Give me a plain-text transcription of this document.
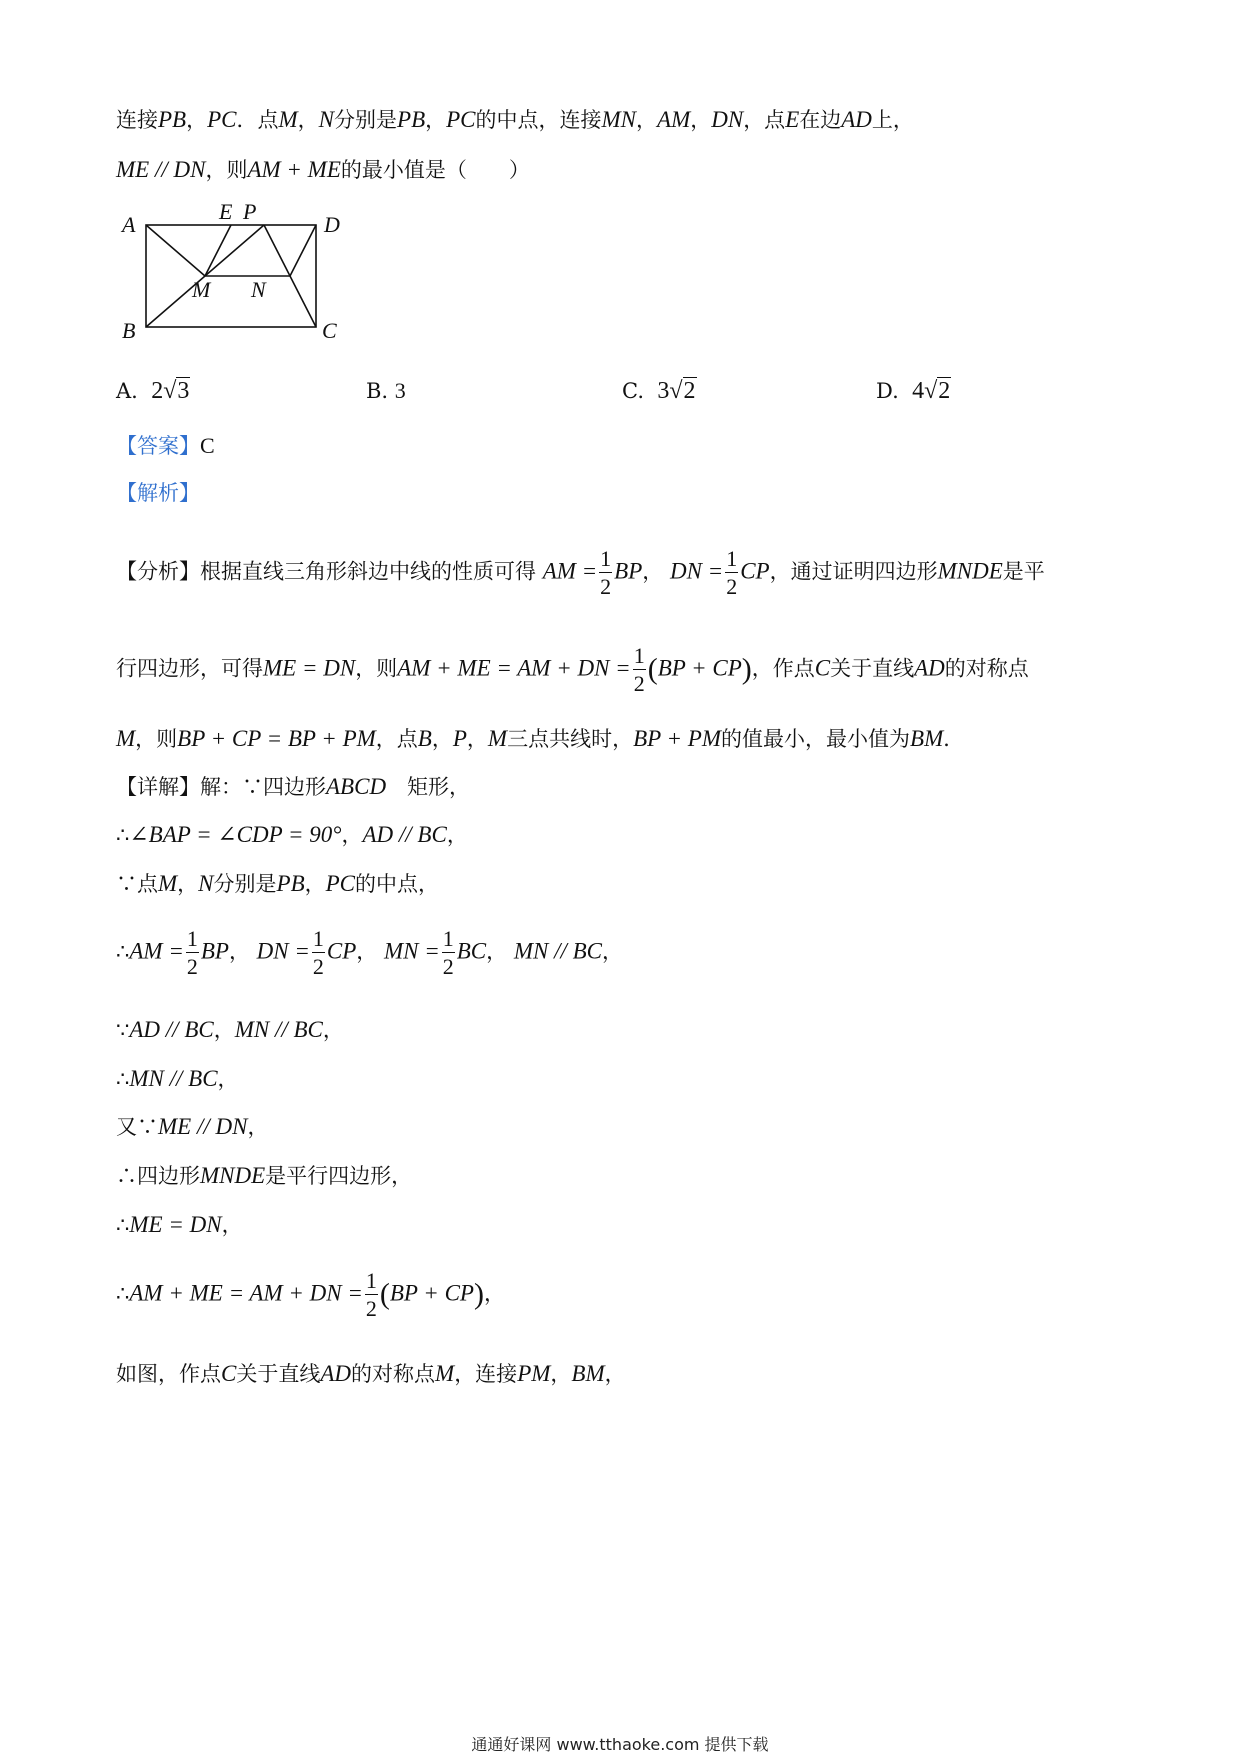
连接PB，PC．点M，N分别是PB，PC的中点，连接MN，AM，DN，点E在边AD上，
ME // DN，则AM + ME的最小值是（　　）
A
E P
D
M N
B	C
A. 2√3	B. 3	C. 3√2	D. 4√2
【答案】C
【解析】
【分析】根据直线三角形斜边中线的性质可得 AM = $\frac{1}{2}$ BP， DN = $\frac{1}{2}$ CP，通过证明四边形MNDE是平
行四边形，可得ME = DN，则AM + ME = AM + DN = $\frac{1}{2} (BP + CP)$，作点C关于直线AD的对称点
M，则BP + CP = BP + PM，点B，P，M三点共线时，BP + PM的值最小，最小值为BM．
【详解】解：∵四边形ABCD　矩形，
∴∠BAP = ∠CDP = 90°，AD // BC，
∵点M，N分别是PB，PC的中点，
∴AM = $\frac{1}{2}$ BP， DN = $\frac{1}{2}$ CP， MN = $\frac{1}{2}$ BC， MN // BC，
∵AD // BC，MN // BC，
∴MN // BC，
又∵ME // DN，
∴四边形MNDE是平行四边形，
∴ME = DN，
∴AM + ME = AM + DN = $\frac{1}{2} (BP + CP)$，
如图，作点C关于直线AD的对称点M，连接PM，BM，
通通好课网 www.tthaoke.com 提供下载
